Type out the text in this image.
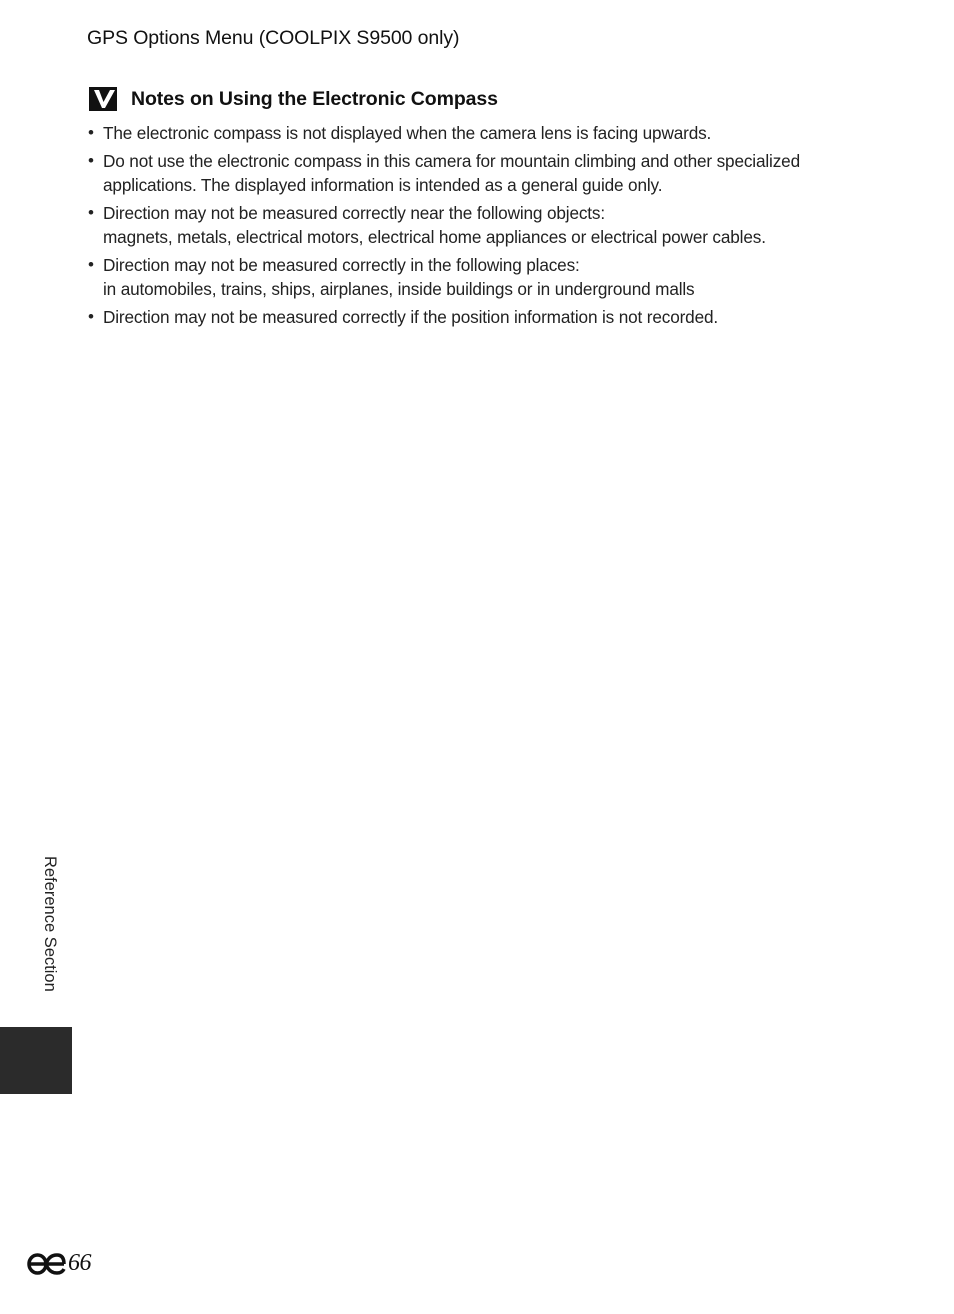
GPS Options Menu (COOLPIX S9500 only)
Notes on Using the Electronic Compass
• The electronic compass is not displayed when the camera lens is facing upwards.
• Do not use the electronic compass in this camera for mountain climbing and other specialized
applications. The displayed information is intended as a general guide only.
• Direction may not be measured correctly near the following objects:
magnets, metals, electrical motors, electrical home appliances or electrical power cables.
• Direction may not be measured correctly in the following places:
in automobiles, trains, ships, airplanes, inside buildings or in underground malls
• Direction may not be measured correctly if the position information is not recorded.
Reference Section
66
